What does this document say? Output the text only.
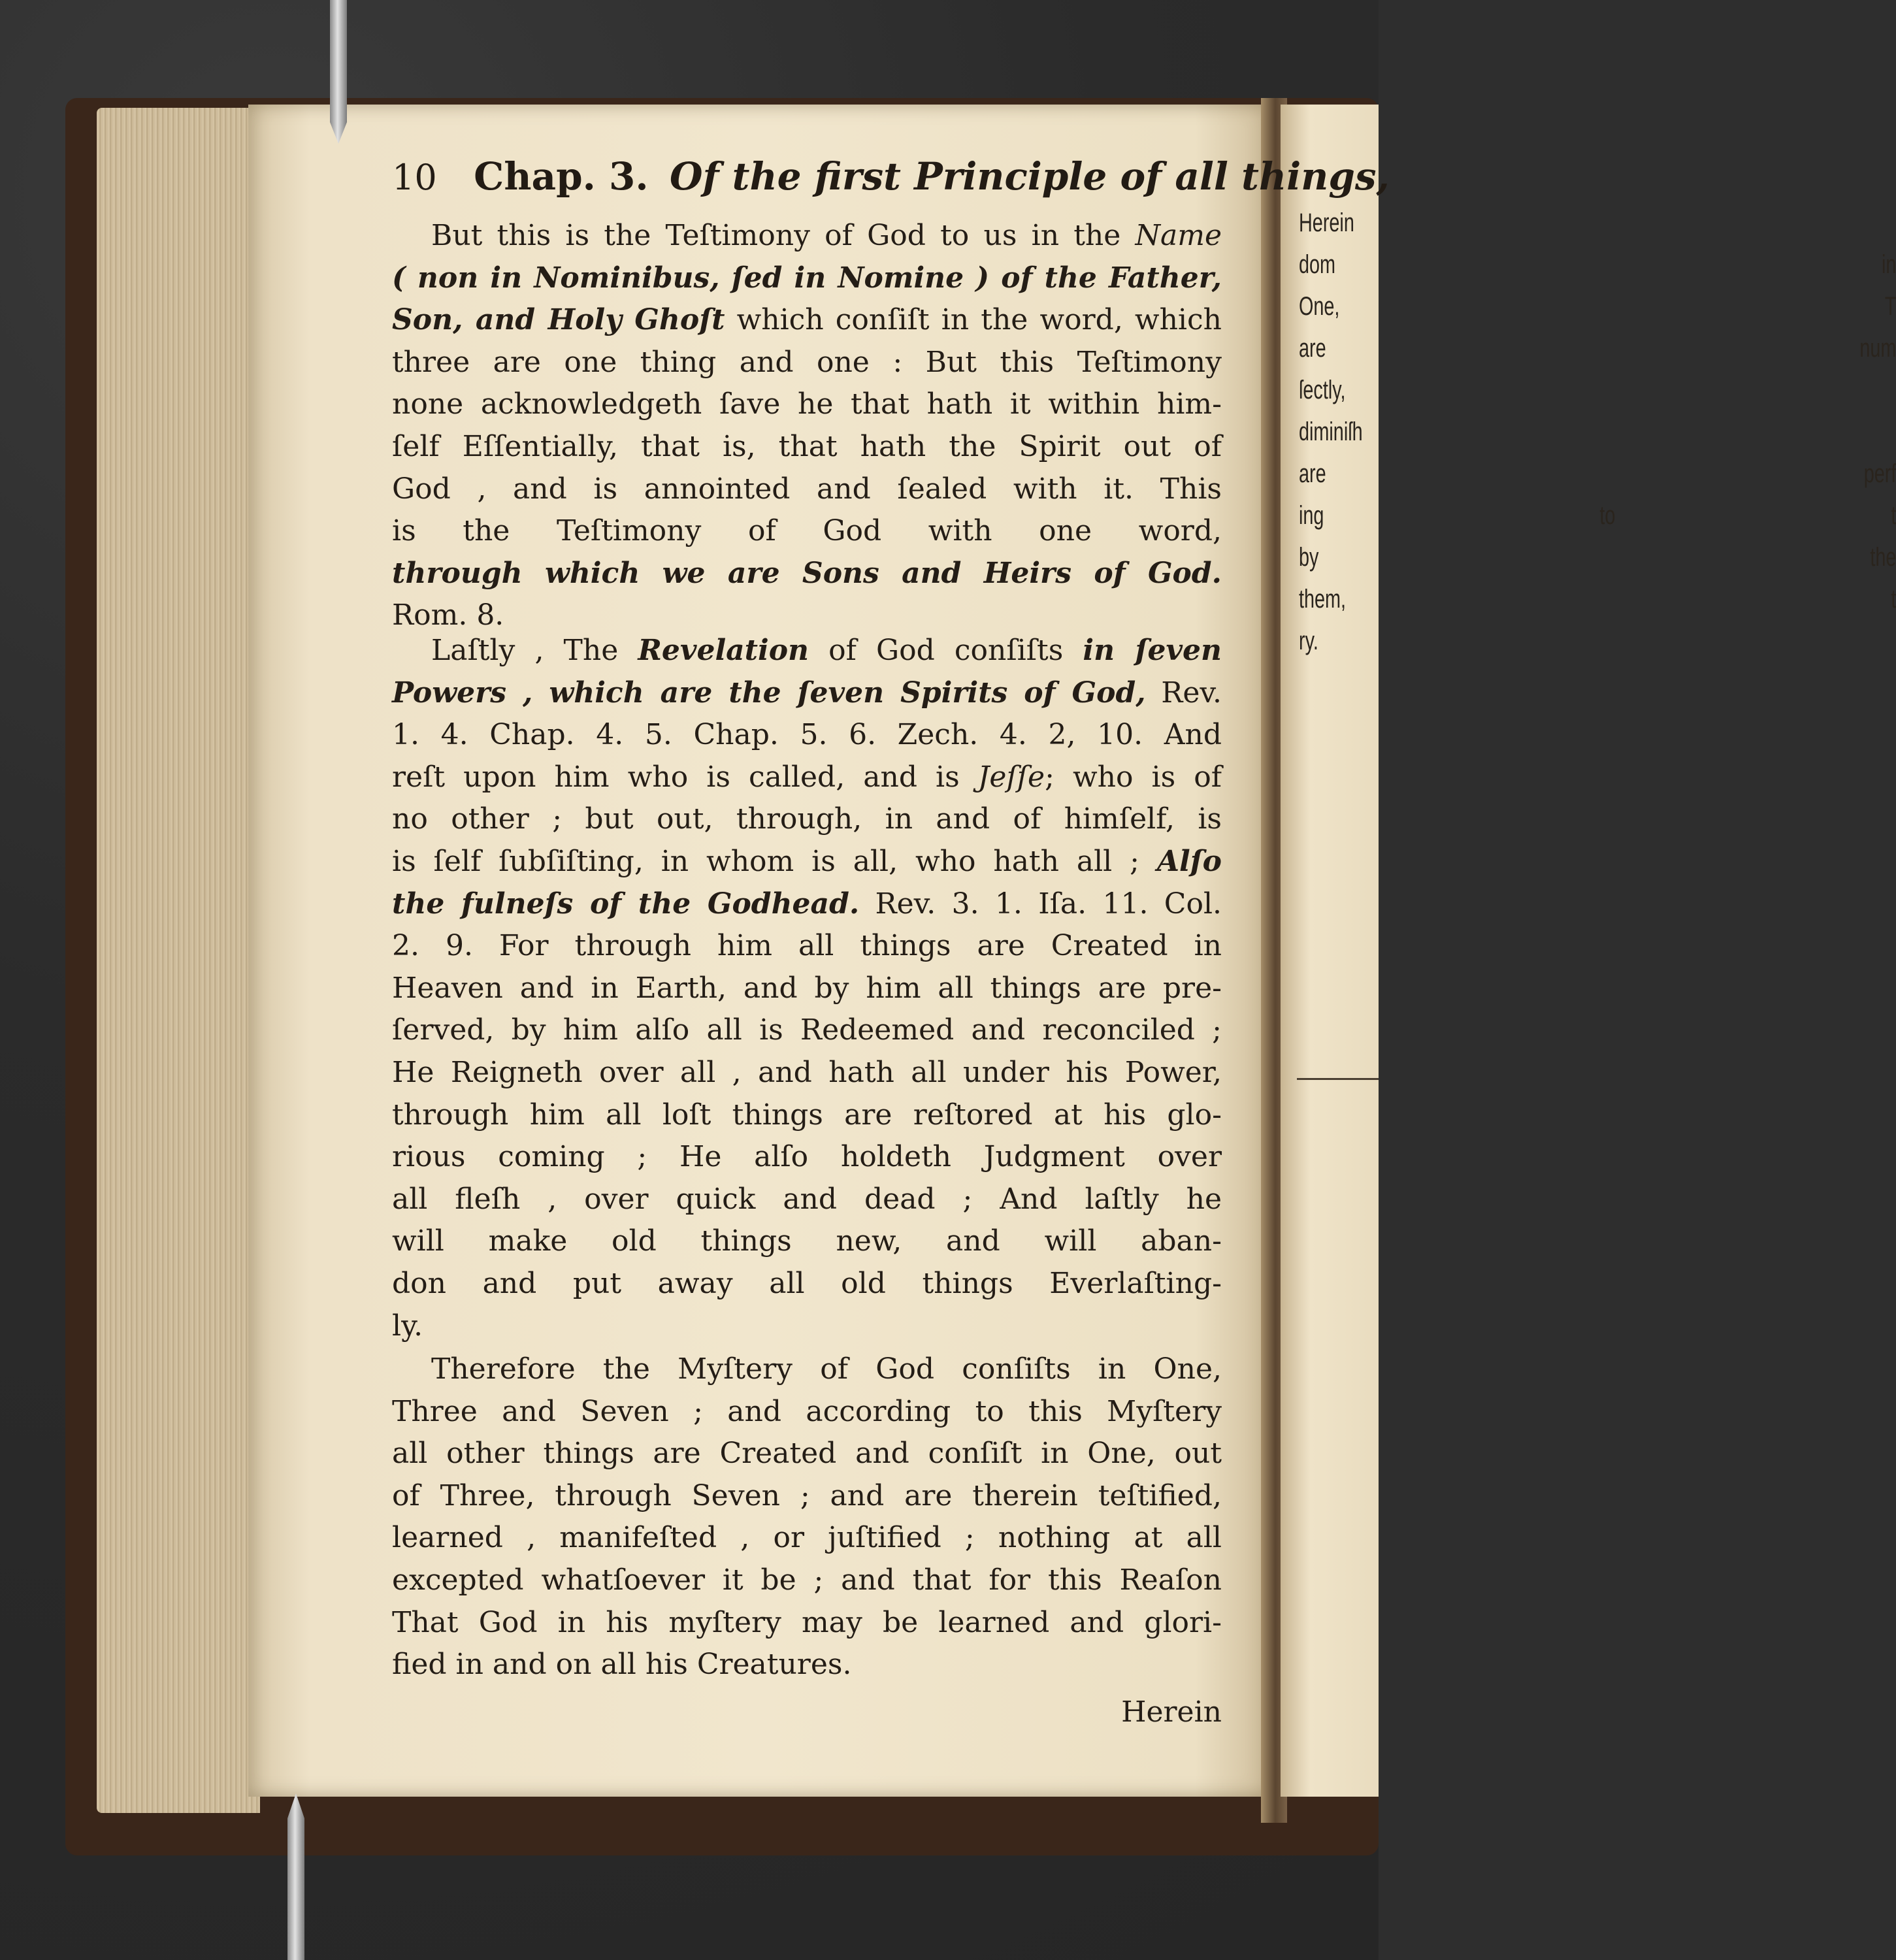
Herein
dom in
One, T
are num
ſectly,
diminiſh
are perf
ing to t
by the
them, t
ry.
10 Chap. 3. Of the first Principle of all things,
But this is the Teſtimony of God to us in the Name
( non in Nominibus, ſed in Nomine ) of the Father,
Son, and Holy Ghoſt which conſiſt in the word, which
three are one thing and one : But this Teſtimony
none acknowledgeth ſave he that hath it within him-
ſelf Eſſentially, that is, that hath the Spirit out of
God , and is annointed and ſealed with it. This
is the Teſtimony of God with one word,
through which we are Sons and Heirs of God.
Rom. 8.
Laſtly , The Revelation of God conſiſts in ſeven
Powers , which are the ſeven Spirits of God, Rev.
1. 4. Chap. 4. 5. Chap. 5. 6. Zech. 4. 2, 10. And
reſt upon him who is called, and is Jeſſe; who is of
no other ; but out, through, in and of himſelf, is
is ſelf ſubſiſting, in whom is all, who hath all ; Alſo
the fulneſs of the Godhead. Rev. 3. 1. Iſa. 11. Col.
2. 9. For through him all things are Created in
Heaven and in Earth, and by him all things are pre-
ſerved, by him alſo all is Redeemed and reconciled ;
He Reigneth over all , and hath all under his Power,
through him all loſt things are reſtored at his glo-
rious coming ; He alſo holdeth Judgment over
all fleſh , over quick and dead ; And laſtly he
will make old things new, and will aban-
don and put away all old things Everlaſting-
ly.
Therefore the Myſtery of God conſiſts in One,
Three and Seven ; and according to this Myſtery
all other things are Created and conſiſt in One, out
of Three, through Seven ; and are therein teſtified,
learned , manifeſted , or juſtified ; nothing at all
excepted whatſoever it be ; and that for this Reaſon
That God in his myſtery may be learned and glori-
fied in and on all his Creatures.
Herein
